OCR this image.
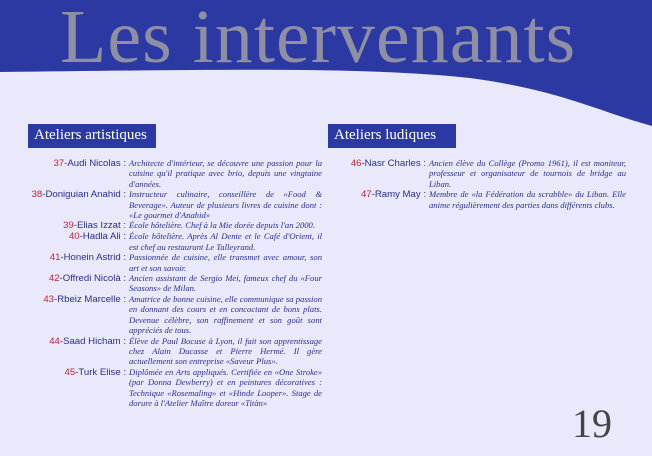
Les intervenants
Ateliers artistiques	Ateliers ludiques
37-Audi Nicolas : Architecte d'intérieur, se découvre une passion pour la cuisine qu'il pratique avec brio, depuis une vingtaine d'années.
38-Doniguian Anahid : Instructeur culinaire, conseillère de «Food & Beverage». Auteur de plusieurs livres de cuisine dont : «Le gourmet d'Anahid»
39-Elias Izzat : École hôtelière. Chef à la Mie dorée depuis l'an 2000.
40-Hadla Ali : École hôtelière. Après Al Dente et le Café d'Orient, il est chef au restaurant Le Talleyrand.
41-Honein Astrid : Passionnée de cuisine, elle transmet avec amour, son art et son savoir.
42-Offredi Nicolà : Ancien assistant de Sergio Mei, fameux chef du «Four Seasons» de Milan.
43-Rbeiz Marcelle : Amatrice de bonne cuisine, elle communique sa passion en donnant des cours et en concoctant de bons plats. Devenue célèbre, son raffinement et son goût sont appréciés de tous.
44-Saad Hicham : Élève de Paul Bocuse à Lyon, il fait son apprentissage chez Alain Ducasse et Pierre Hermé. Il gère actuellement son entreprise «Saveur Plus».
45-Turk Elise : Diplômée en Arts appliqués. Certifiée en «One Stroke» (par Donna Dewberry) et en peintures décoratives : Technique «Rosemaling» et «Hinde Looper». Stage de dorure à l'Atelier Maître doreur «Titàn»
46-Nasr Charles : Ancien élève du Collège (Promo 1961), il est moniteur, professeur et organisateur de tournois de bridge au Liban.
47-Ramy May : Membre de «la Fédération du scrabble» du Liban. Elle anime régulièrement des parties dans différents clubs.
19
